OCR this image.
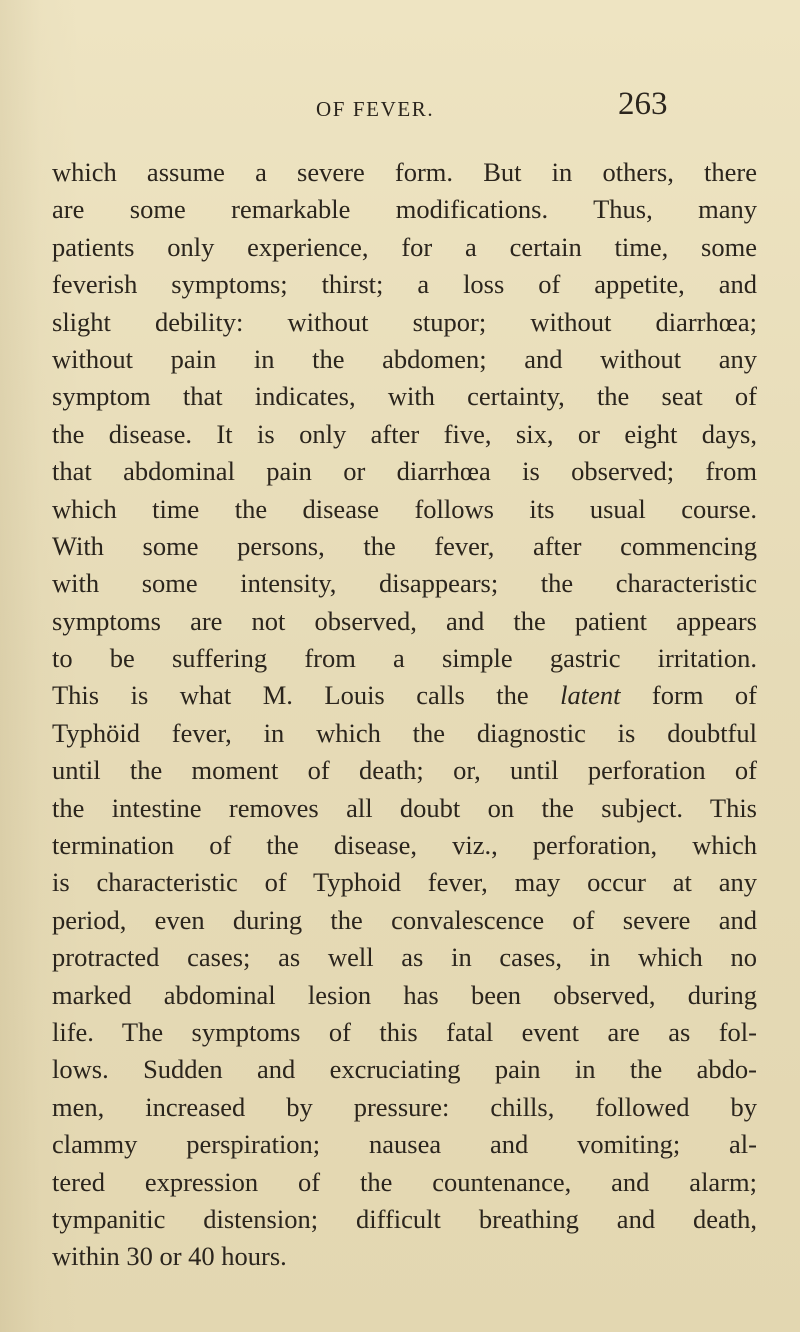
OF FEVER.	263
which assume a severe form. But in others, there
are some remarkable modifications. Thus, many
patients only experience, for a certain time, some
feverish symptoms; thirst; a loss of appetite, and
slight debility: without stupor; without diarrhœa;
without pain in the abdomen; and without any
symptom that indicates, with certainty, the seat of
the disease. It is only after five, six, or eight days,
that abdominal pain or diarrhœa is observed; from
which time the disease follows its usual course.
With some persons, the fever, after commencing
with some intensity, disappears; the characteristic
symptoms are not observed, and the patient appears
to be suffering from a simple gastric irritation.
This is what M. Louis calls the latent form of
Typhöid fever, in which the diagnostic is doubtful
until the moment of death; or, until perforation of
the intestine removes all doubt on the subject. This
termination of the disease, viz., perforation, which
is characteristic of Typhoid fever, may occur at any
period, even during the convalescence of severe and
protracted cases; as well as in cases, in which no
marked abdominal lesion has been observed, during
life. The symptoms of this fatal event are as fol-
lows. Sudden and excruciating pain in the abdo-
men, increased by pressure: chills, followed by
clammy perspiration; nausea and vomiting; al-
tered expression of the countenance, and alarm;
tympanitic distension; difficult breathing and death,
within 30 or 40 hours.
